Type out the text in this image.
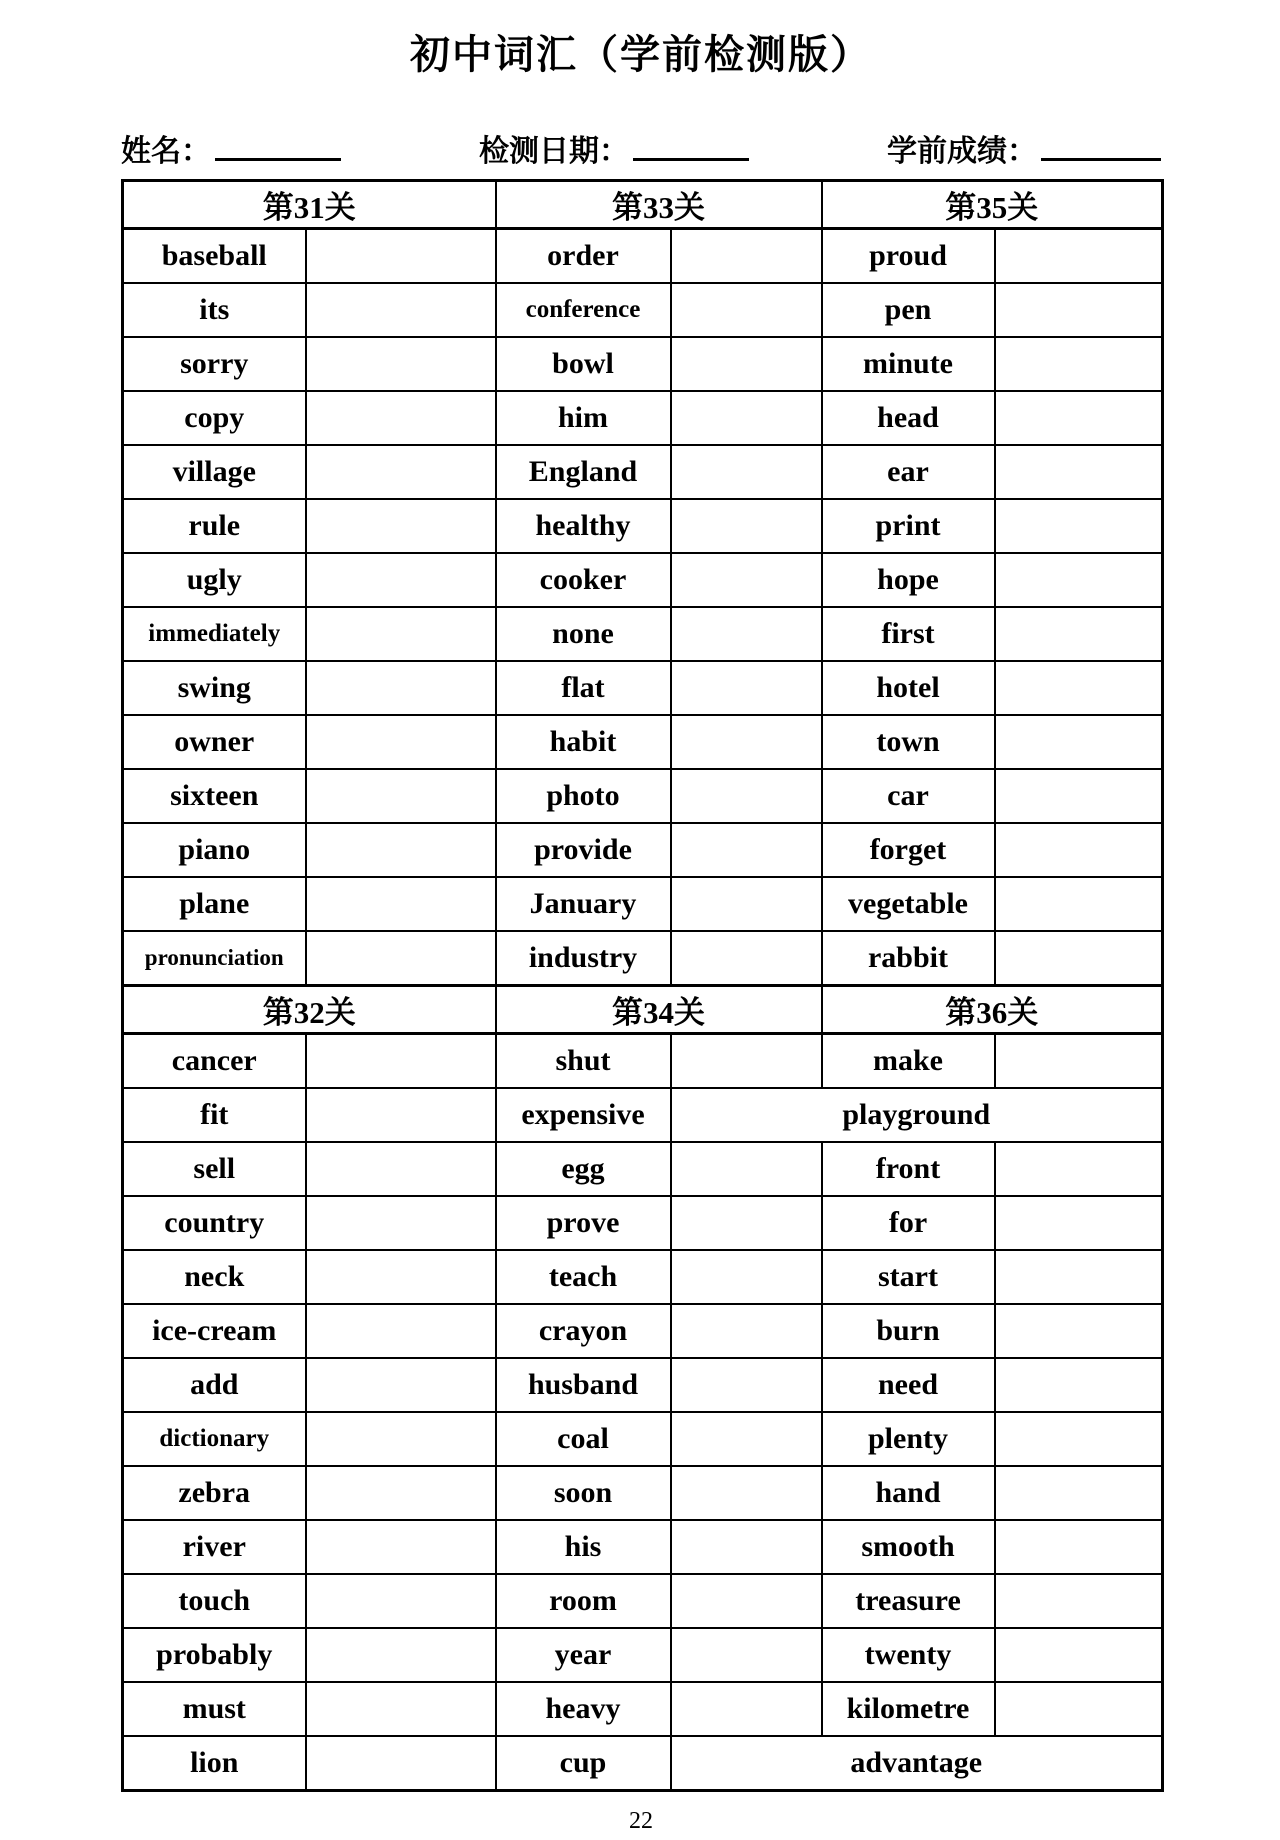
初中词汇（学前检测版）
姓名：	检测日期：	学前成绩：
第31关		第33关		第35关	
baseball		order		proud	
its		conference		pen	
sorry		bowl		minute	
copy		him		head	
village		England		ear	
rule		healthy		print	
ugly		cooker		hope	
immediately		none		first	
swing		flat		hotel	
owner		habit		town	
sixteen		photo		car	
piano		provide		forget	
plane		January		vegetable	
pronunciation		industry		rabbit	
第32关		第34关		第36关	
cancer		shut		make	
fit		expensive	playground		
sell		egg		front	
country		prove		for	
neck		teach		start	
ice-cream		crayon		burn	
add		husband		need	
dictionary		coal		plenty	
zebra		soon		hand	
river		his		smooth	
touch		room		treasure	
probably		year		twenty	
must		heavy		kilometre	
lion		cup	advantage		
22
